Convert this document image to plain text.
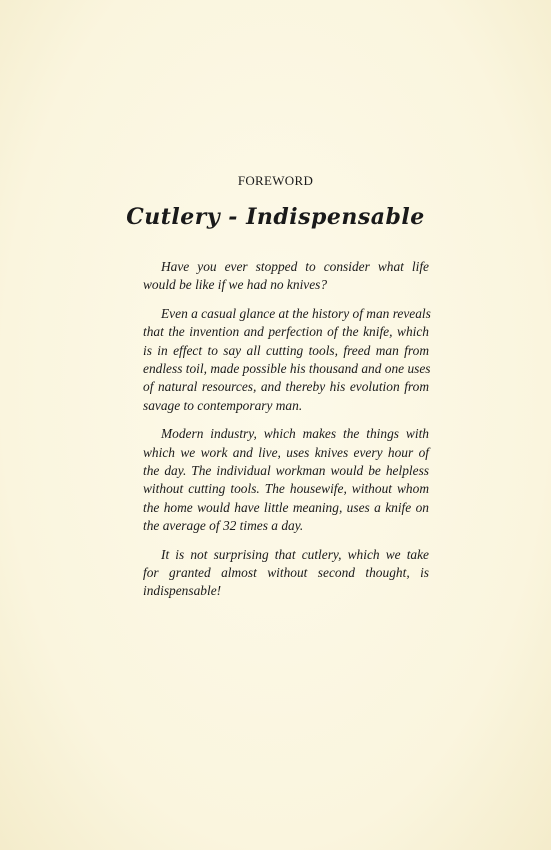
FOREWORD
Cutlery - Indispensable

Have you ever stopped to consider what life
would be like if we had no knives?

Even a casual glance at the history of man reveals
that the invention and perfection of the knife, which
is in effect to say all cutting tools, freed man from
endless toil, made possible his thousand and one uses
of natural resources, and thereby his evolution from
savage to contemporary man.

Modern industry, which makes the things with
which we work and live, uses knives every hour of
the day. The individual workman would be helpless
without cutting tools. The housewife, without whom
the home would have little meaning, uses a knife on
the average of 32 times a day.

It is not surprising that cutlery, which we take
for granted almost without second thought, is
indispensable!
